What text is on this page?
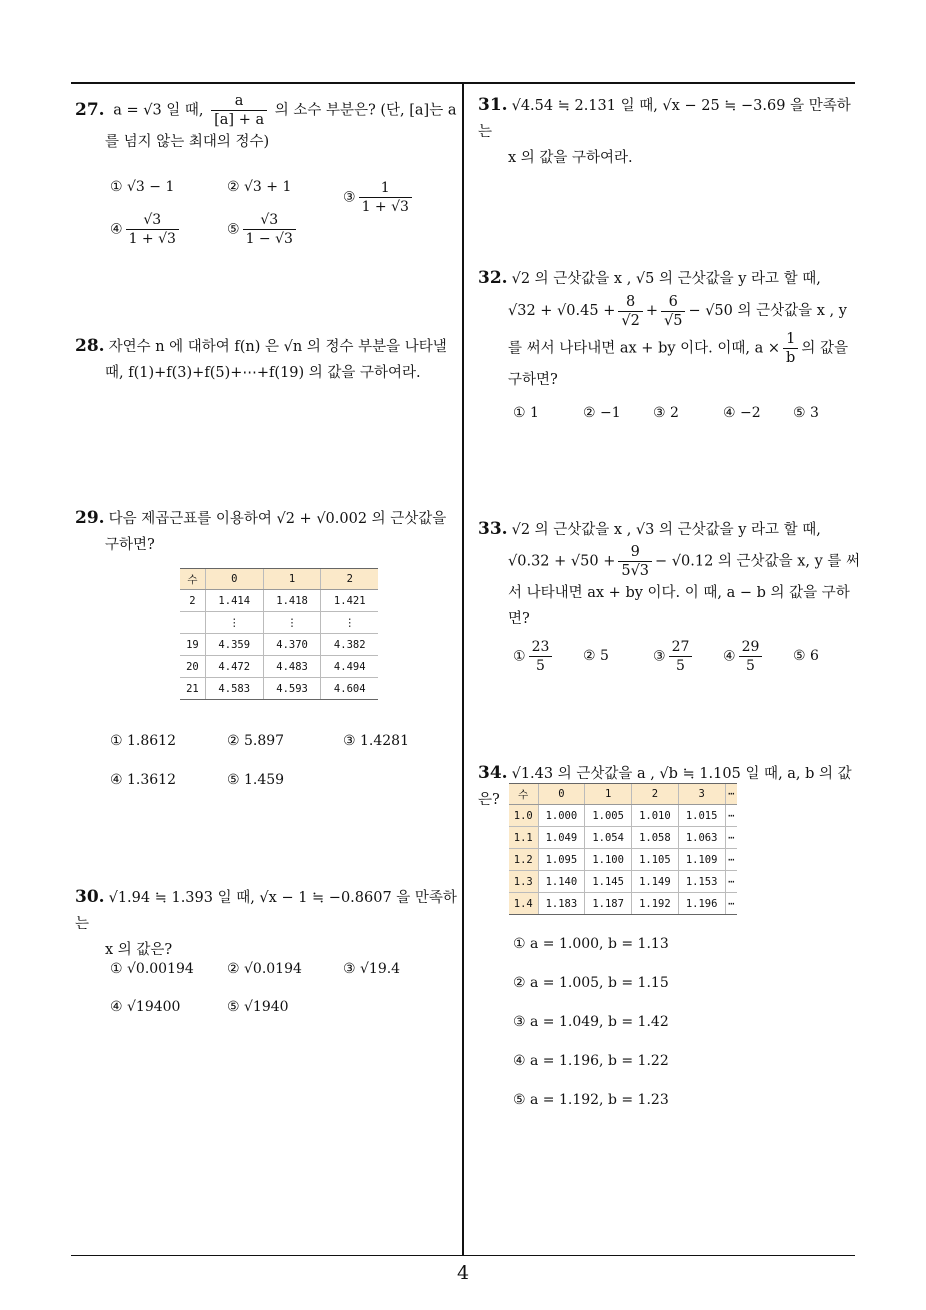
4
27. a = √3 일 때, $\frac{a}{[a] + a}$ 의 소수 부분은? (단, [a]는 a
를 넘지 않는 최대의 정수)
① √3 − 1	② √3 + 1
③ $\frac{1}{1 + √3}$
④ $\frac{√3}{1 + √3}$	⑤ $\frac{√3}{1 - √3}$
28. 자연수 n 에 대하여 f(n) 은 √n 의 정수 부분을 나타낼
때, f(1)+f(3)+f(5)+⋯+f(19) 의 값을 구하여라.
29. 다음 제곱근표를 이용하여 √2 + √0.002 의 근삿값을
구하면?
수	0	1	2
2	1.414	1.418	1.421
	⋮	⋮	⋮
19	4.359	4.370	4.382
20	4.472	4.483	4.494
21	4.583	4.593	4.604
① 1.8612	② 5.897	③ 1.4281
④ 1.3612	⑤ 1.459
30. √1.94 ≒ 1.393 일 때, √x − 1 ≒ −0.8607 을 만족하는
x 의 값은?
① √0.00194 ② √0.0194	③ √19.4
④ √19400	⑤ √1940
31. √4.54 ≒ 2.131 일 때, √x − 25 ≒ −3.69 을 만족하는
x 의 값을 구하여라.
32. √2 의 근삿값을 x , √5 의 근삿값을 y 라고 할 때,
$√32 + √0.45 + \frac{8}{√2} + \frac{6}{√5} - √50$ 의 근삿값을 x , y
를 써서 나타내면 ax + by 이다. 이때, $a \times \frac{1}{b}$ 의 값을
구하면?
① 1	② −1 ③ 2	④ −2 ⑤ 3
33. √2 의 근삿값을 x , √3 의 근삿값을 y 라고 할 때,
$√0.32 + √50 + \frac{9}{5√3} - √0.12$ 의 근삿값을 x, y 를 써
서 나타내면 ax + by 이다. 이 때, a − b 의 값을 구하
면?
① $\frac{23}{5}$ ② 5	③ $\frac{27}{5}$ ④ $\frac{29}{5}$ ⑤ 6
34. √1.43 의 근삿값을 a , √b ≒ 1.105 일 때, a, b 의 값은?	수	0	1	2	3	⋯
1.0	1.000	1.005	1.010	1.015	⋯
1.1	1.049	1.054	1.058	1.063	⋯
1.2	1.095	1.100	1.105	1.109	⋯
1.3	1.140	1.145	1.149	1.153	⋯
1.4	1.183	1.187	1.192	1.196	⋯
① a = 1.000, b = 1.13
② a = 1.005, b = 1.15
③ a = 1.049, b = 1.42
④ a = 1.196, b = 1.22
⑤ a = 1.192, b = 1.23
